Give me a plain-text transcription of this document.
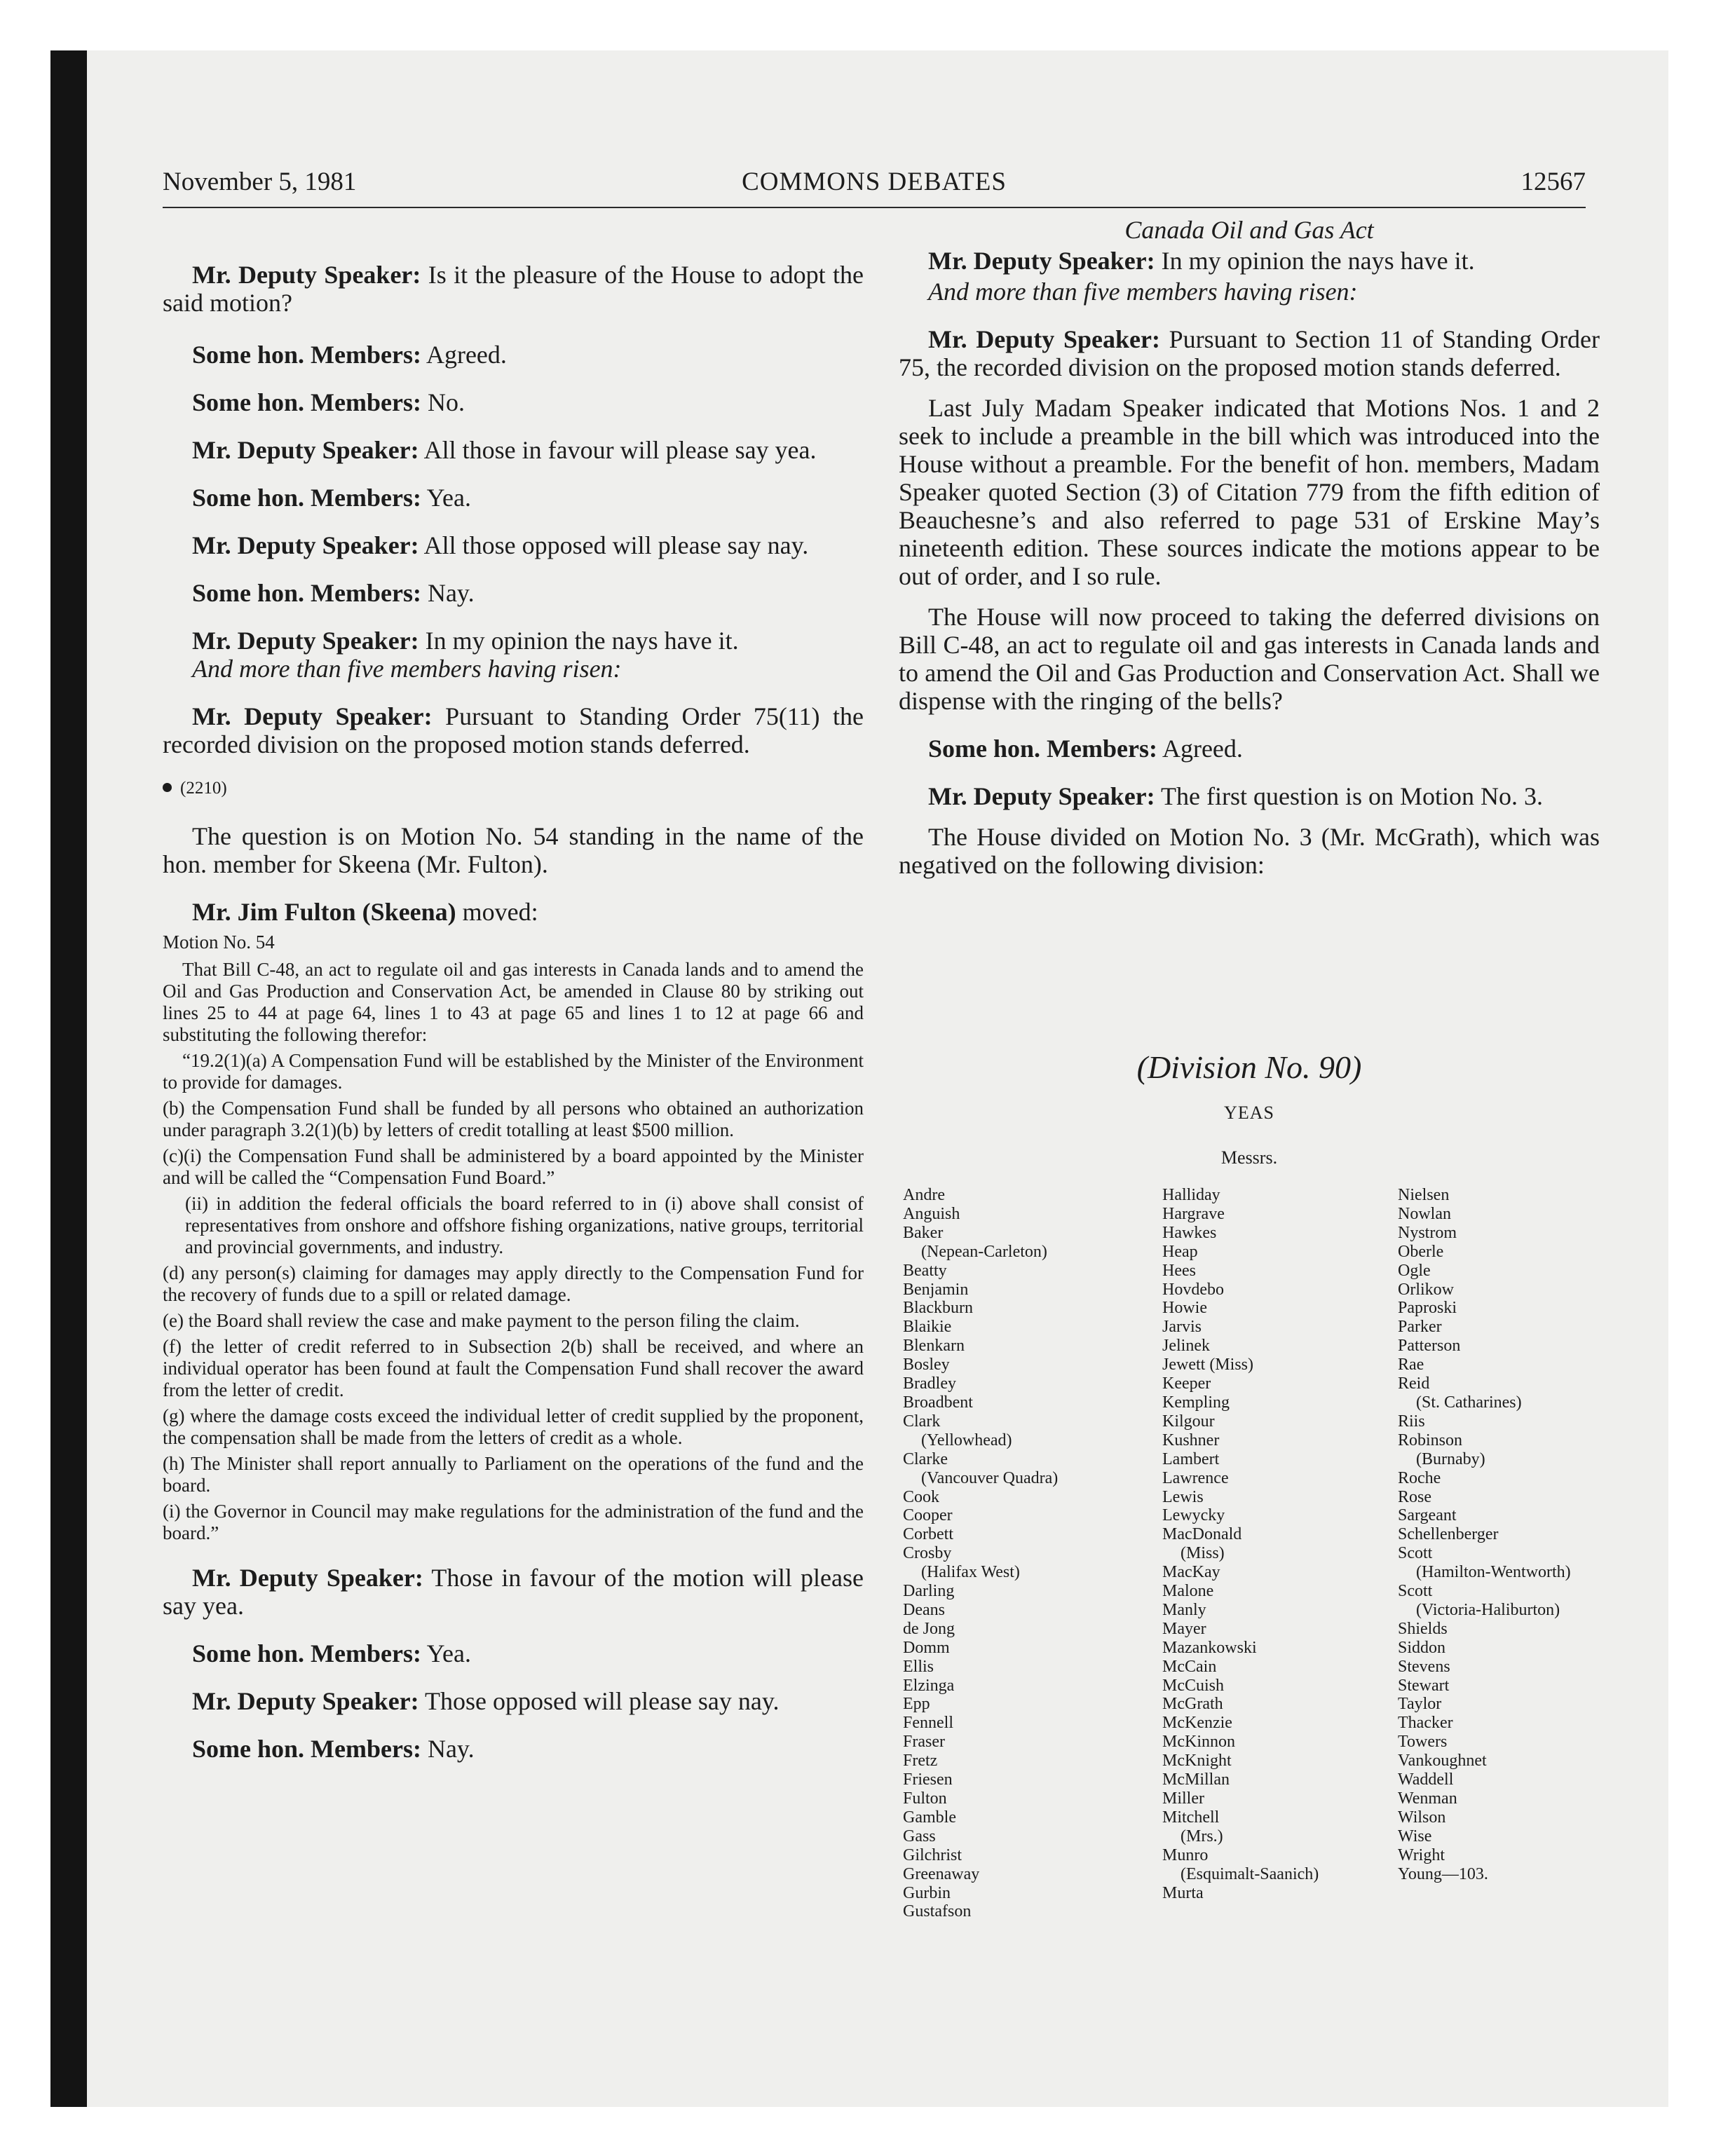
November 5, 1981	COMMONS DEBATES	12567

Mr. Deputy Speaker: Is it the pleasure of the House to adopt the said motion?

Some hon. Members: Agreed.

Some hon. Members: No.

Mr. Deputy Speaker: All those in favour will please say yea.

Some hon. Members: Yea.

Mr. Deputy Speaker: All those opposed will please say nay.

Some hon. Members: Nay.

Mr. Deputy Speaker: In my opinion the nays have it.

And more than five members having risen:

Mr. Deputy Speaker: Pursuant to Standing Order 75(11) the recorded division on the proposed motion stands deferred.

(2210)

The question is on Motion No. 54 standing in the name of the hon. member for Skeena (Mr. Fulton).

Mr. Jim Fulton (Skeena) moved:

Motion No. 54

That Bill C-48, an act to regulate oil and gas interests in Canada lands and to amend the Oil and Gas Production and Conservation Act, be amended in Clause 80 by striking out lines 25 to 44 at page 64, lines 1 to 43 at page 65 and lines 1 to 12 at page 66 and substituting the following therefor:

“19.2(1)(a) A Compensation Fund will be established by the Minister of the Environment to provide for damages.

(b) the Compensation Fund shall be funded by all persons who obtained an authorization under paragraph 3.2(1)(b) by letters of credit totalling at least $500 million.

(c)(i) the Compensation Fund shall be administered by a board appointed by the Minister and will be called the “Compensation Fund Board.”

(ii) in addition the federal officials the board referred to in (i) above shall consist of representatives from onshore and offshore fishing organizations, native groups, territorial and provincial governments, and industry.

(d) any person(s) claiming for damages may apply directly to the Compensation Fund for the recovery of funds due to a spill or related damage.

(e) the Board shall review the case and make payment to the person filing the claim.

(f) the letter of credit referred to in Subsection 2(b) shall be received, and where an individual operator has been found at fault the Compensation Fund shall recover the award from the letter of credit.

(g) where the damage costs exceed the individual letter of credit supplied by the proponent, the compensation shall be made from the letters of credit as a whole.

(h) The Minister shall report annually to Parliament on the operations of the fund and the board.

(i) the Governor in Council may make regulations for the administration of the fund and the board.”

Mr. Deputy Speaker: Those in favour of the motion will please say yea.

Some hon. Members: Yea.

Mr. Deputy Speaker: Those opposed will please say nay.

Some hon. Members: Nay.

Canada Oil and Gas Act

Mr. Deputy Speaker: In my opinion the nays have it.

And more than five members having risen:

Mr. Deputy Speaker: Pursuant to Section 11 of Standing Order 75, the recorded division on the proposed motion stands deferred.

Last July Madam Speaker indicated that Motions Nos. 1 and 2 seek to include a preamble in the bill which was introduced into the House without a preamble. For the benefit of hon. members, Madam Speaker quoted Section (3) of Citation 779 from the fifth edition of Beauchesne’s and also referred to page 531 of Erskine May’s nineteenth edition. These sources indicate the motions appear to be out of order, and I so rule.

The House will now proceed to taking the deferred divisions on Bill C-48, an act to regulate oil and gas interests in Canada lands and to amend the Oil and Gas Production and Conservation Act. Shall we dispense with the ringing of the bells?

Some hon. Members: Agreed.

Mr. Deputy Speaker: The first question is on Motion No. 3.

The House divided on Motion No. 3 (Mr. McGrath), which was negatived on the following division:

(Division No. 90)
YEAS
Messrs.
Andre
Anguish
Baker
(Nepean-Carleton)
Beatty
Benjamin
Blackburn
Blaikie
Blenkarn
Bosley
Bradley
Broadbent
Clark
(Yellowhead)
Clarke
(Vancouver Quadra)
Cook
Cooper
Corbett
Crosby
(Halifax West)
Darling
Deans
de Jong
Domm
Ellis
Elzinga
Epp
Fennell
Fraser
Fretz
Friesen
Fulton
Gamble
Gass
Gilchrist
Greenaway
Gurbin
Gustafson
Halliday
Hargrave
Hawkes
Heap
Hees
Hovdebo
Howie
Jarvis
Jelinek
Jewett (Miss)
Keeper
Kempling
Kilgour
Kushner
Lambert
Lawrence
Lewis
Lewycky
MacDonald
(Miss)
MacKay
Malone
Manly
Mayer
Mazankowski
McCain
McCuish
McGrath
McKenzie
McKinnon
McKnight
McMillan
Miller
Mitchell
(Mrs.)
Munro
(Esquimalt-Saanich)
Murta
Nielsen
Nowlan
Nystrom
Oberle
Ogle
Orlikow
Paproski
Parker
Patterson
Rae
Reid
(St. Catharines)
Riis
Robinson
(Burnaby)
Roche
Rose
Sargeant
Schellenberger
Scott
(Hamilton-Wentworth)
Scott
(Victoria-Haliburton)
Shields
Siddon
Stevens
Stewart
Taylor
Thacker
Towers
Vankoughnet
Waddell
Wenman
Wilson
Wise
Wright
Young—103.
